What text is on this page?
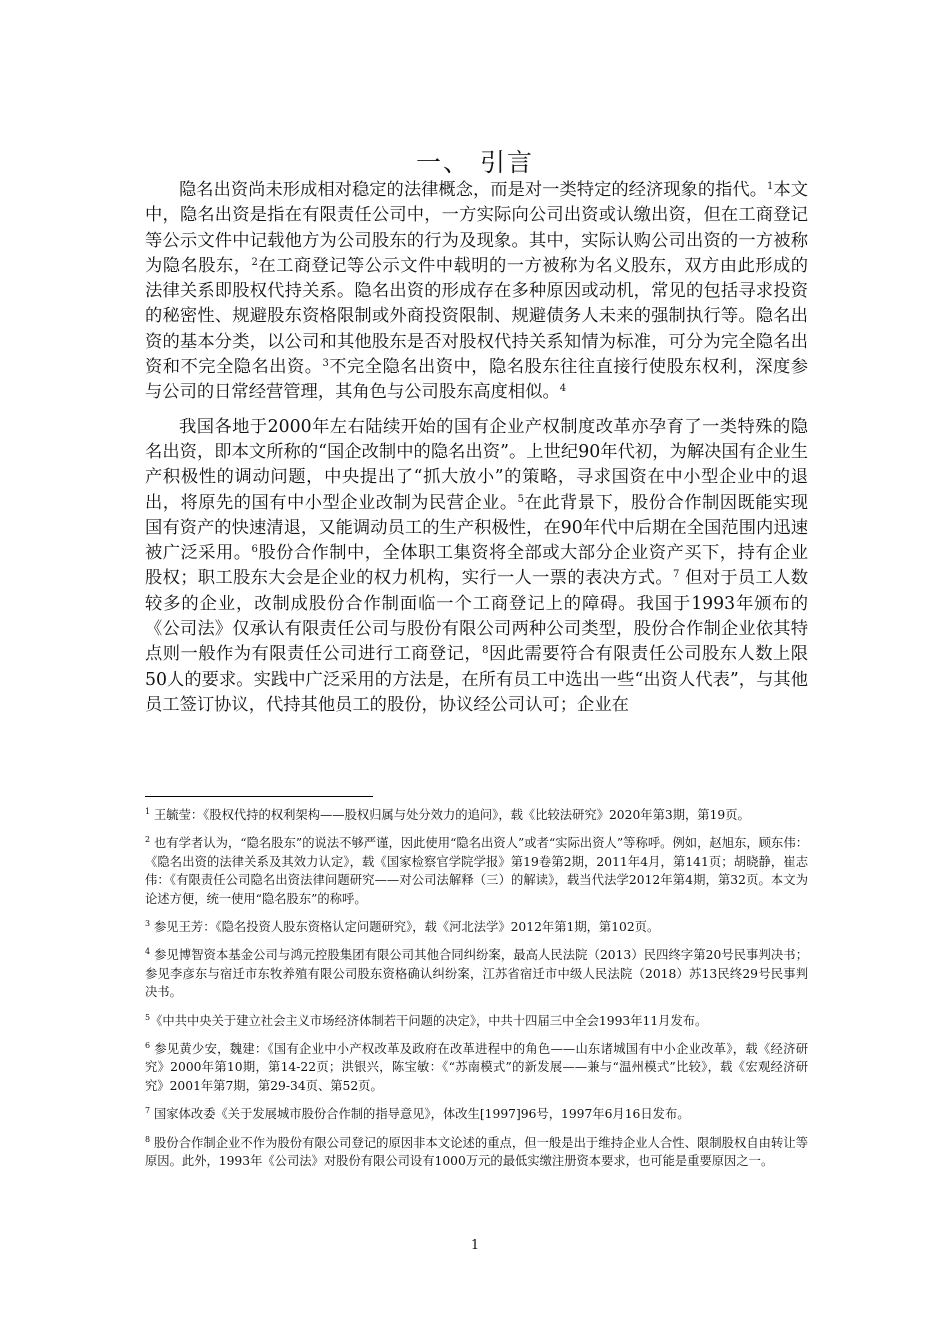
一、 引言

隐名出资尚未形成相对稳定的法律概念，而是对一类特定的经济现象的指代。$^1$本文中，隐名出资是指在有限责任公司中，一方实际向公司出资或认缴出资，但在工商登记等公示文件中记载他方为公司股东的行为及现象。其中，实际认购公司出资的一方被称为隐名股东，$^2$在工商登记等公示文件中载明的一方被称为名义股东，双方由此形成的法律关系即股权代持关系。隐名出资的形成存在多种原因或动机，常见的包括寻求投资的秘密性、规避股东资格限制或外商投资限制、规避债务人未来的强制执行等。隐名出资的基本分类，以公司和其他股东是否对股权代持关系知情为标准，可分为完全隐名出资和不完全隐名出资。$^3$不完全隐名出资中，隐名股东往往直接行使股东权利，深度参与公司的日常经营管理，其角色与公司股东高度相似。$^4$

我国各地于2000年左右陆续开始的国有企业产权制度改革亦孕育了一类特殊的隐名出资，即本文所称的“国企改制中的隐名出资”。上世纪90年代初，为解决国有企业生产积极性的调动问题，中央提出了“抓大放小”的策略，寻求国资在中小型企业中的退出，将原先的国有中小型企业改制为民营企业。$^5$在此背景下，股份合作制因既能实现国有资产的快速清退，又能调动员工的生产积极性，在90年代中后期在全国范围内迅速被广泛采用。$^6$股份合作制中，全体职工集资将全部或大部分企业资产买下，持有企业股权；职工股东大会是企业的权力机构，实行一人一票的表决方式。$^7$ 但对于员工人数较多的企业，改制成股份合作制面临一个工商登记上的障碍。我国于1993年颁布的《公司法》仅承认有限责任公司与股份有限公司两种公司类型，股份合作制企业依其特点则一般作为有限责任公司进行工商登记，$^8$因此需要符合有限责任公司股东人数上限50人的要求。实践中广泛采用的方法是，在所有员工中选出一些“出资人代表”，与其他员工签订协议，代持其他员工的股份，协议经公司认可；企业在

$^1$ 王毓莹：《股权代持的权利架构——股权归属与处分效力的追问》，载《比较法研究》2020年第3期，第19页。

$^2$ 也有学者认为，“隐名股东”的说法不够严谨，因此使用“隐名出资人”或者“实际出资人”等称呼。例如，赵旭东，顾东伟：《隐名出资的法律关系及其效力认定》，载《国家检察官学院学报》第19卷第2期，2011年4月，第141页；胡晓静，崔志伟：《有限责任公司隐名出资法律问题研究——对公司法解释（三）的解读》，载当代法学2012年第4期，第32页。本文为论述方便，统一使用“隐名股东”的称呼。

$^3$ 参见王芳：《隐名投资人股东资格认定问题研究》，载《河北法学》2012年第1期，第102页。

$^4$ 参见博智资本基金公司与鸿元控股集团有限公司其他合同纠纷案，最高人民法院（2013）民四终字第20号民事判决书；参见李彦东与宿迁市东牧养殖有限公司股东资格确认纠纷案，江苏省宿迁市中级人民法院（2018）苏13民终29号民事判决书。

$^5$《中共中央关于建立社会主义市场经济体制若干问题的决定》，中共十四届三中全会1993年11月发布。

$^6$ 参见黄少安，魏建：《国有企业中小产权改革及政府在改革进程中的角色——山东诸城国有中小企业改革》，载《经济研究》2000年第10期，第14-22页；洪银兴，陈宝敏：《“苏南模式”的新发展——兼与“温州模式”比较》，载《宏观经济研究》2001年第7期，第29-34页、第52页。

$^7$ 国家体改委《关于发展城市股份合作制的指导意见》，体改生[1997]96号，1997年6月16日发布。

$^8$ 股份合作制企业不作为股份有限公司登记的原因非本文论述的重点，但一般是出于维持企业人合性、限制股权自由转让等原因。此外，1993年《公司法》对股份有限公司设有1000万元的最低实缴注册资本要求，也可能是重要原因之一。

1
